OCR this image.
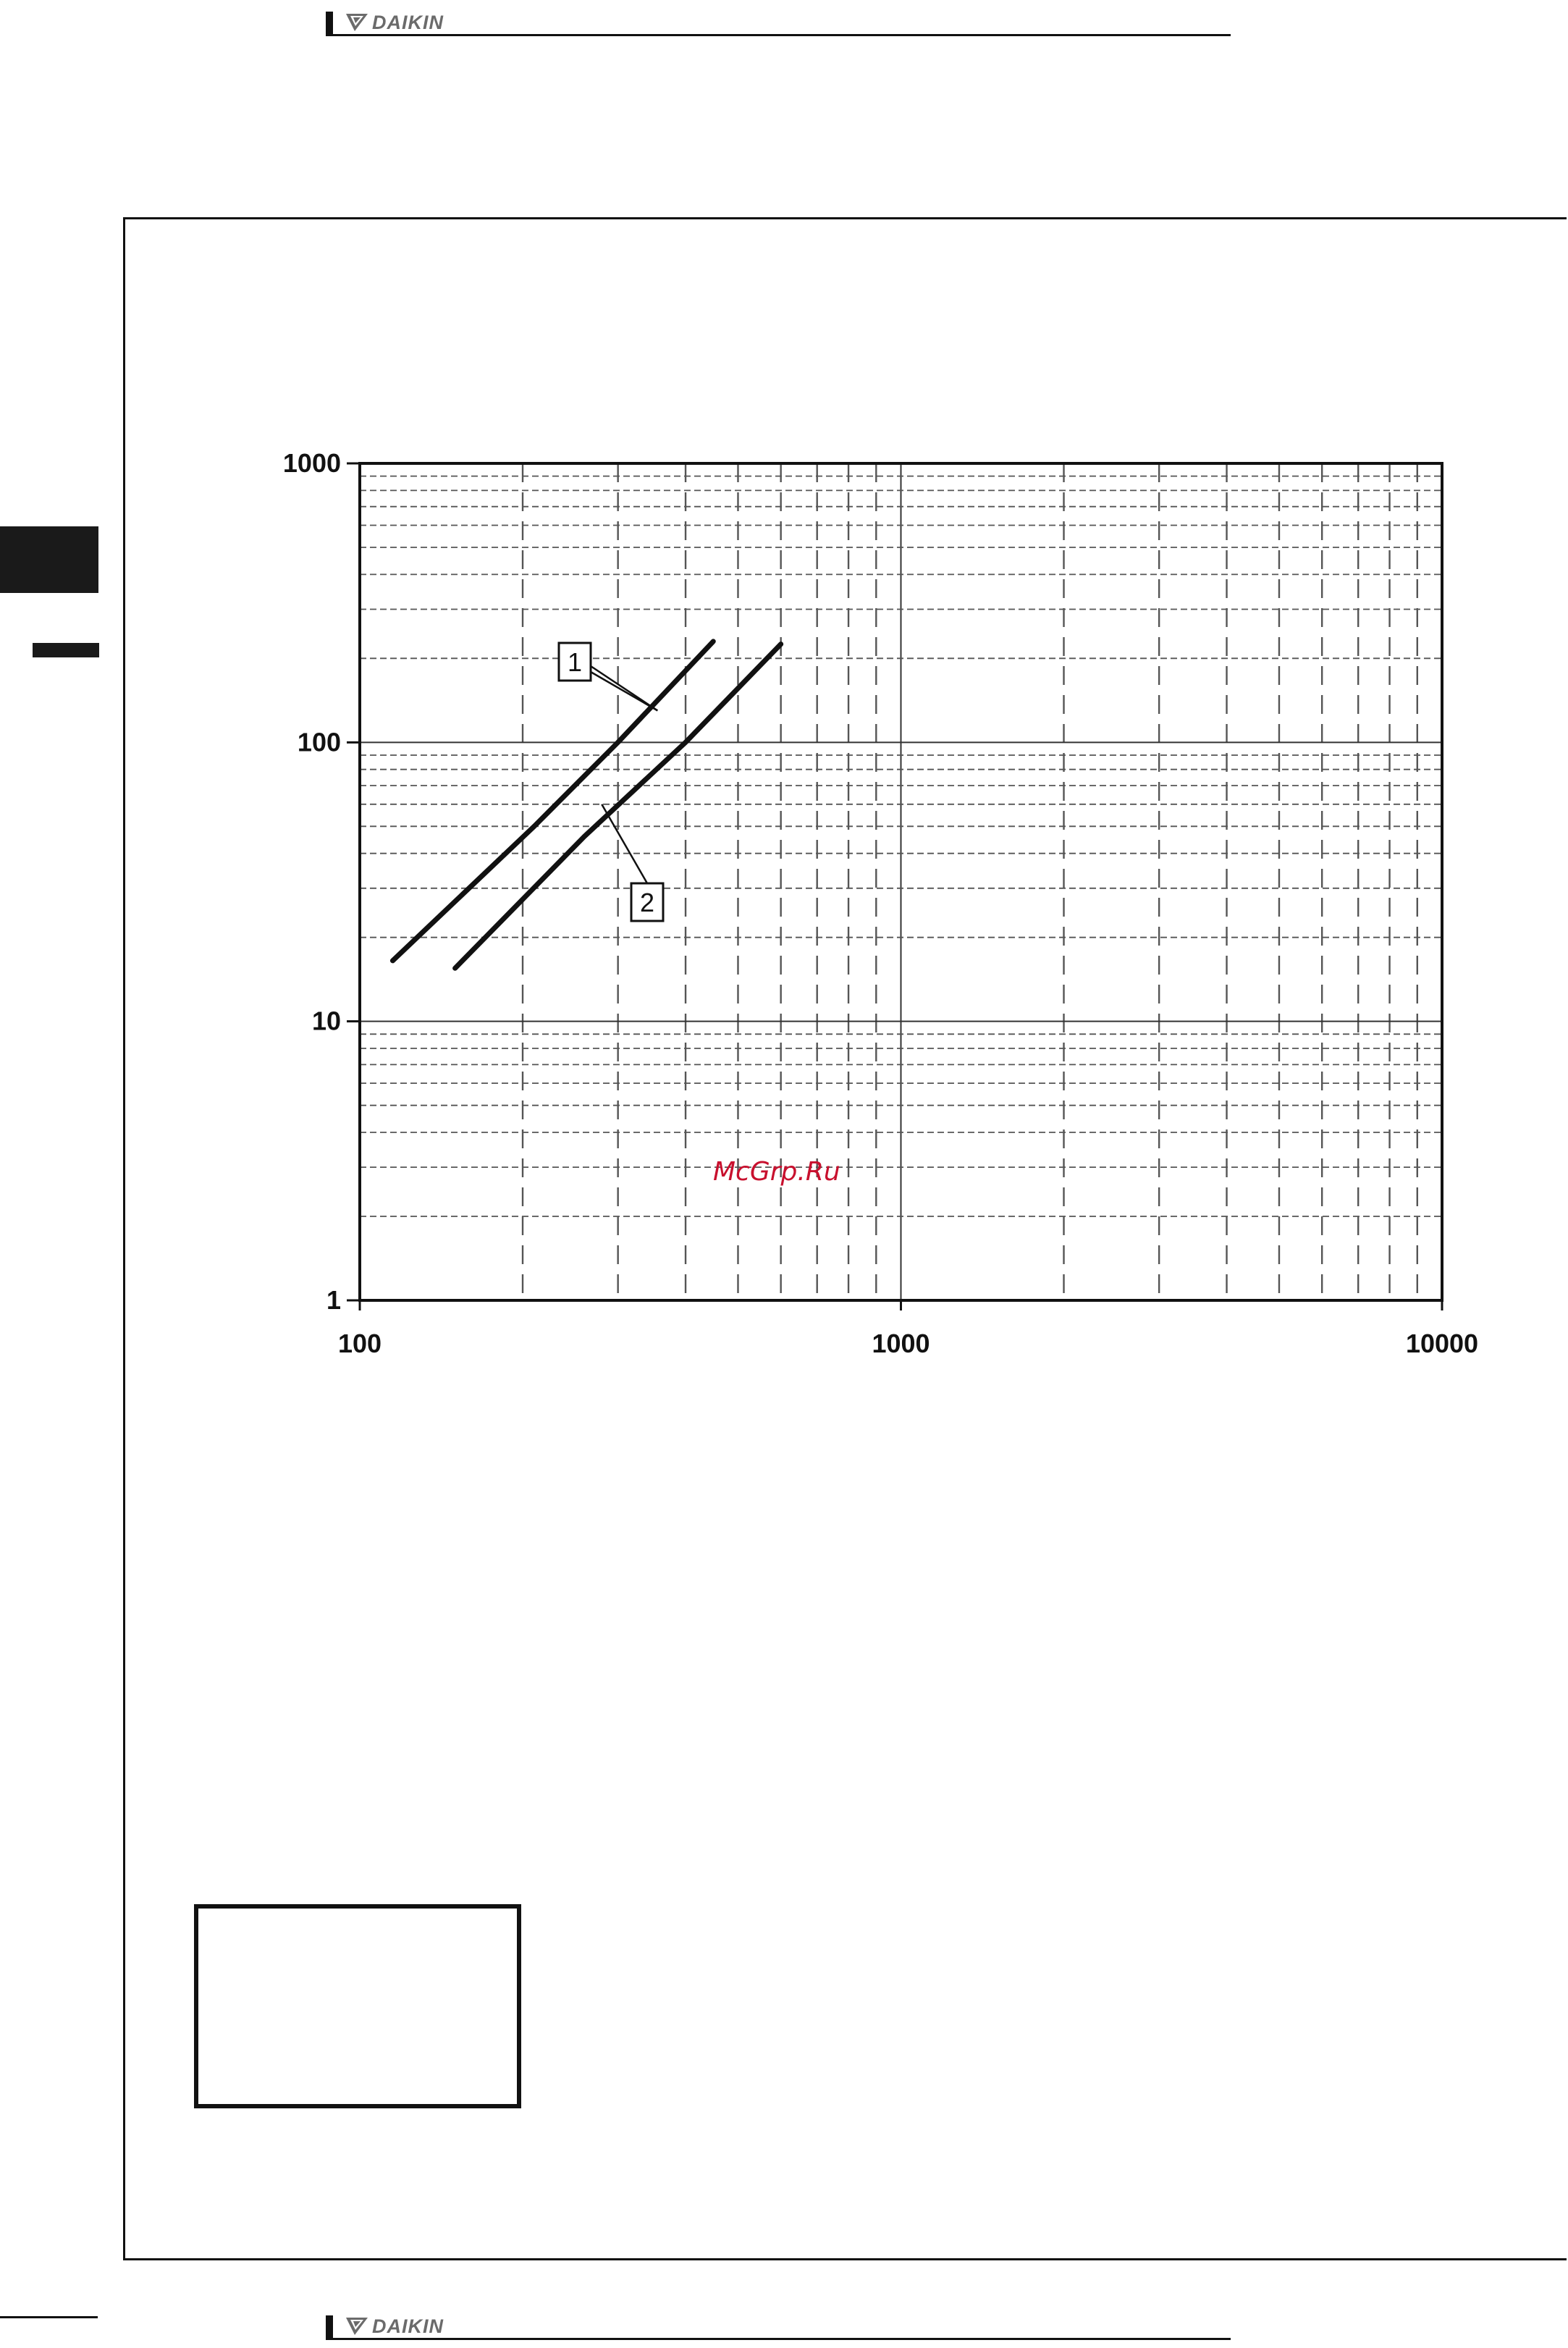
DAIKIN
1
10
100
1000
100	1000	10000
1
2
McGrp.Ru
DAIKIN
